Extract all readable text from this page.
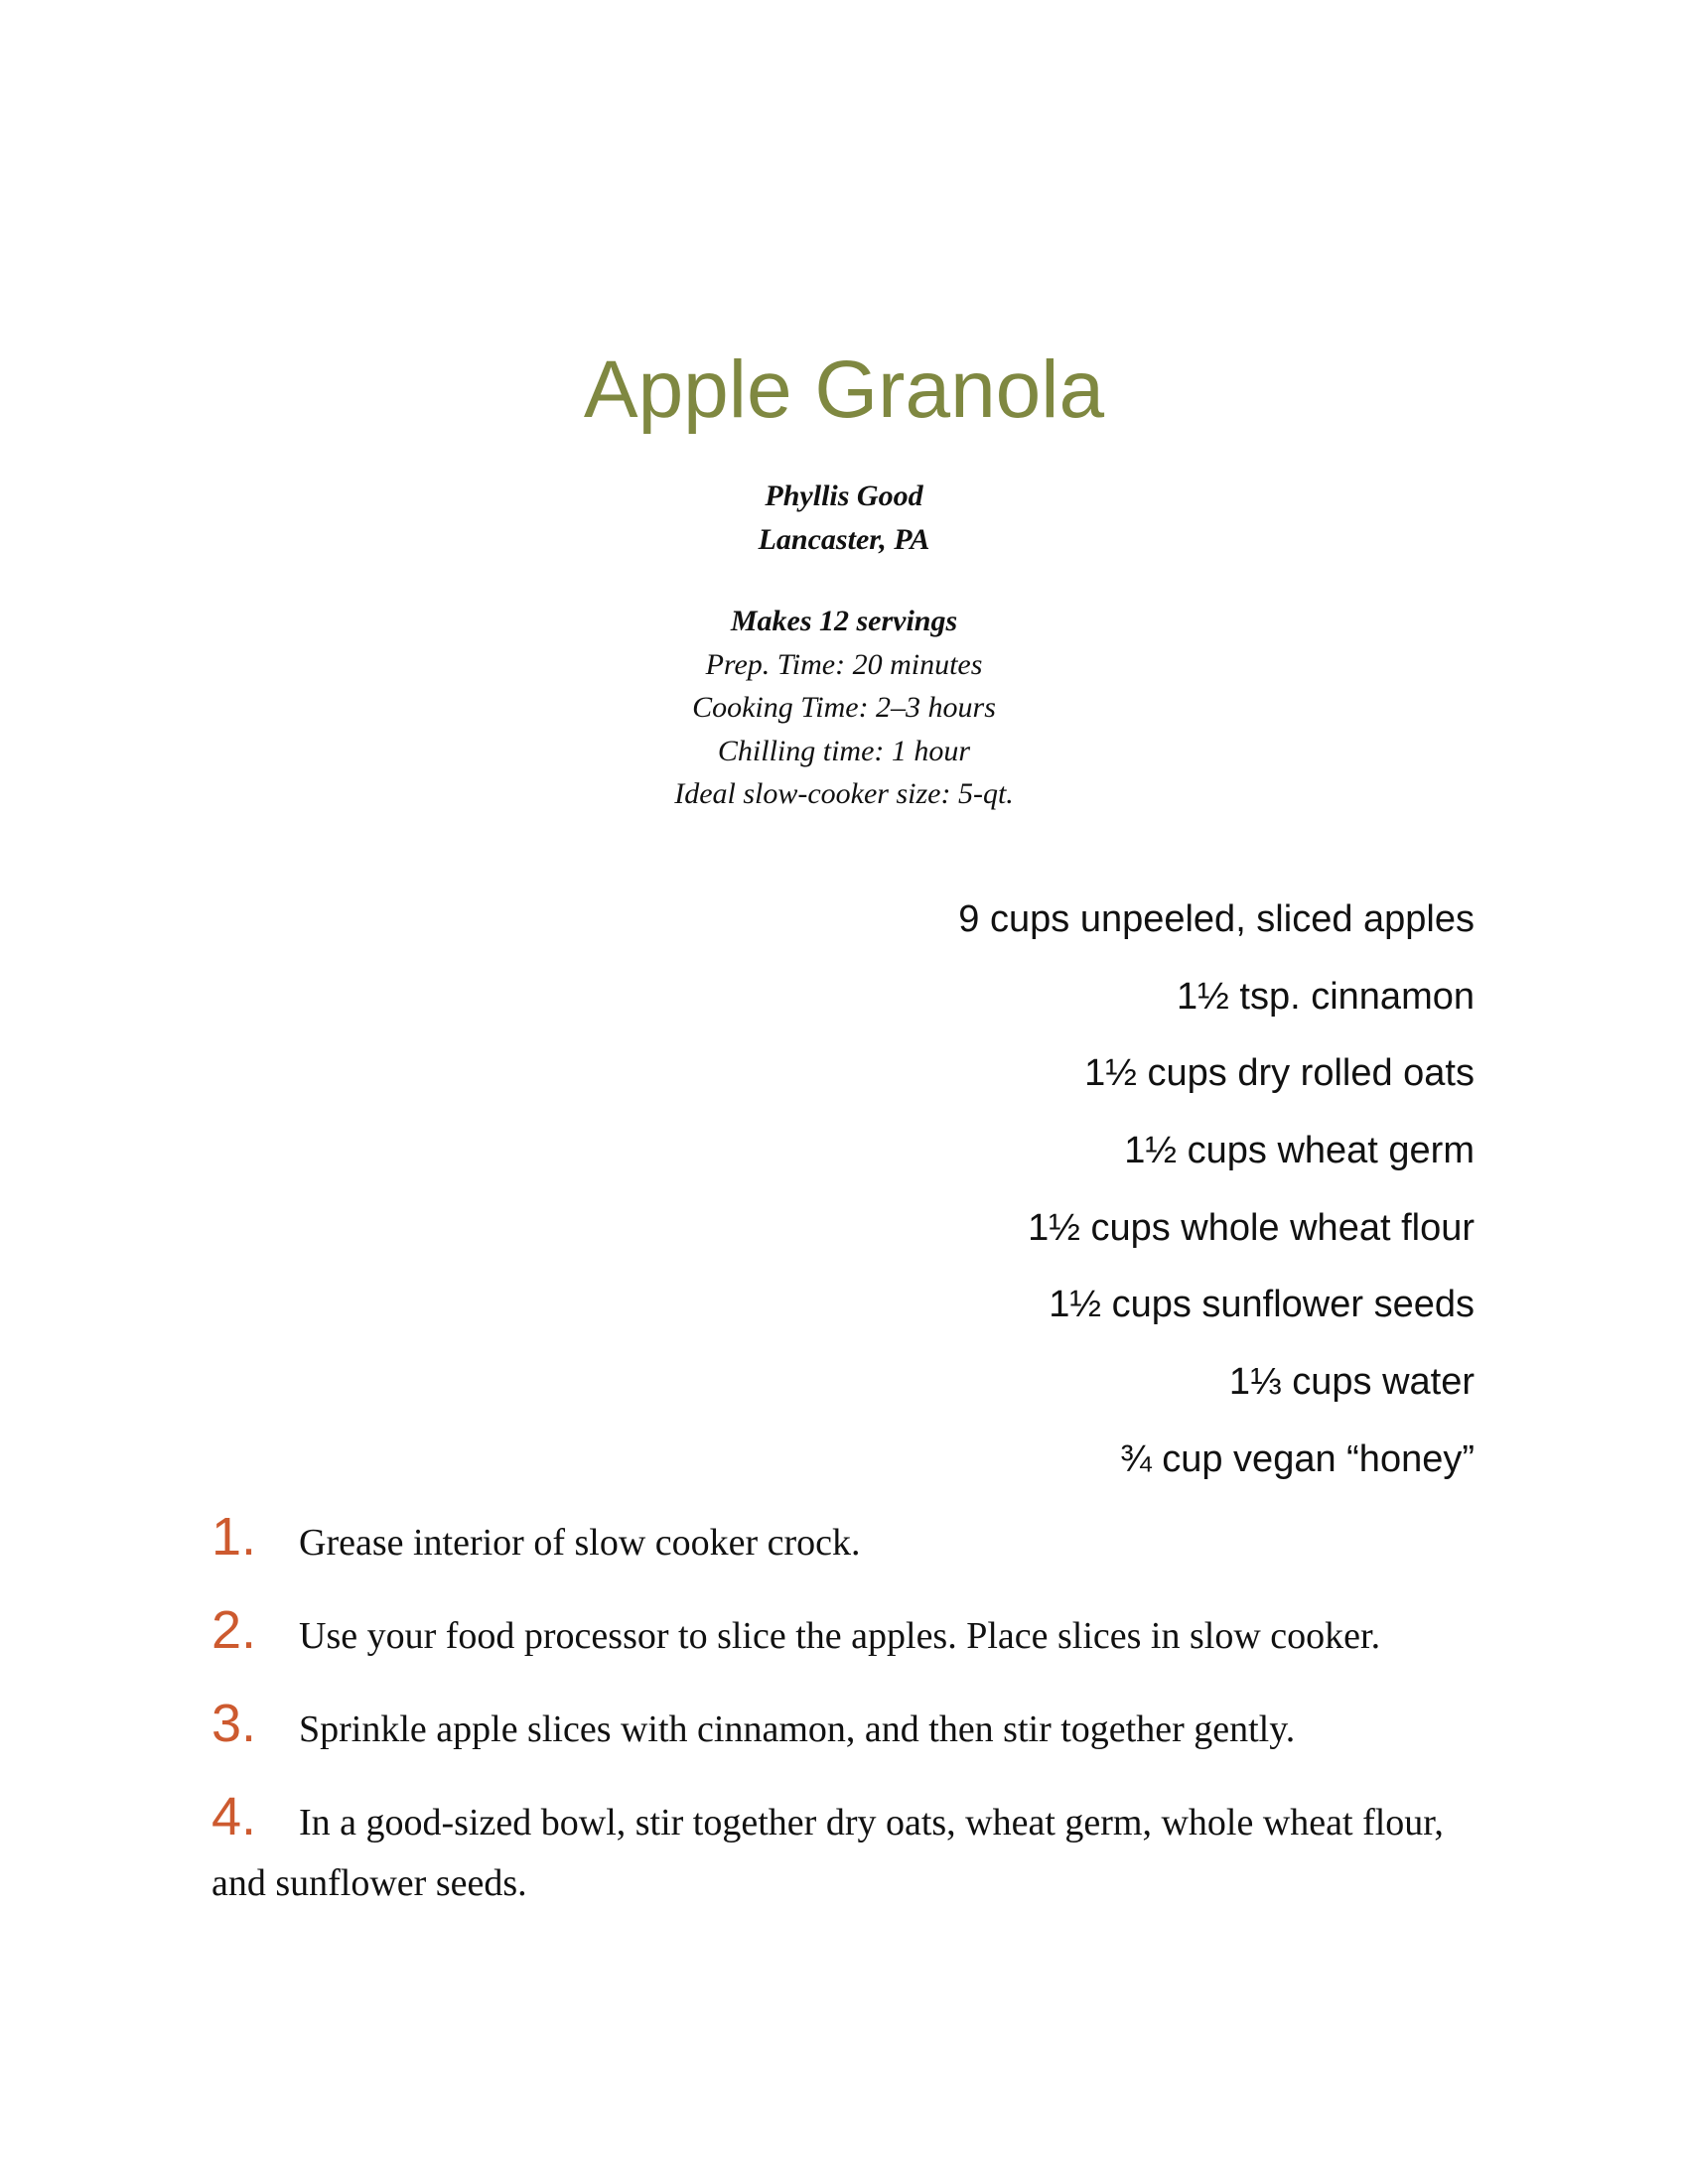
Apple Granola
Phyllis Good
Lancaster, PA
Makes 12 servings
Prep. Time: 20 minutes
Cooking Time: 2–3 hours
Chilling time: 1 hour
Ideal slow-cooker size: 5-qt.
9 cups unpeeled, sliced apples
1½ tsp. cinnamon
1½ cups dry rolled oats
1½ cups wheat germ
1½ cups whole wheat flour
1½ cups sunflower seeds
1⅓ cups water
¾ cup vegan “honey”
1. Grease interior of slow cooker crock.
2. Use your food processor to slice the apples. Place slices in slow cooker.
3. Sprinkle apple slices with cinnamon, and then stir together gently.
4. In a good-sized bowl, stir together dry oats, wheat germ, whole wheat flour, and sunflower seeds.
